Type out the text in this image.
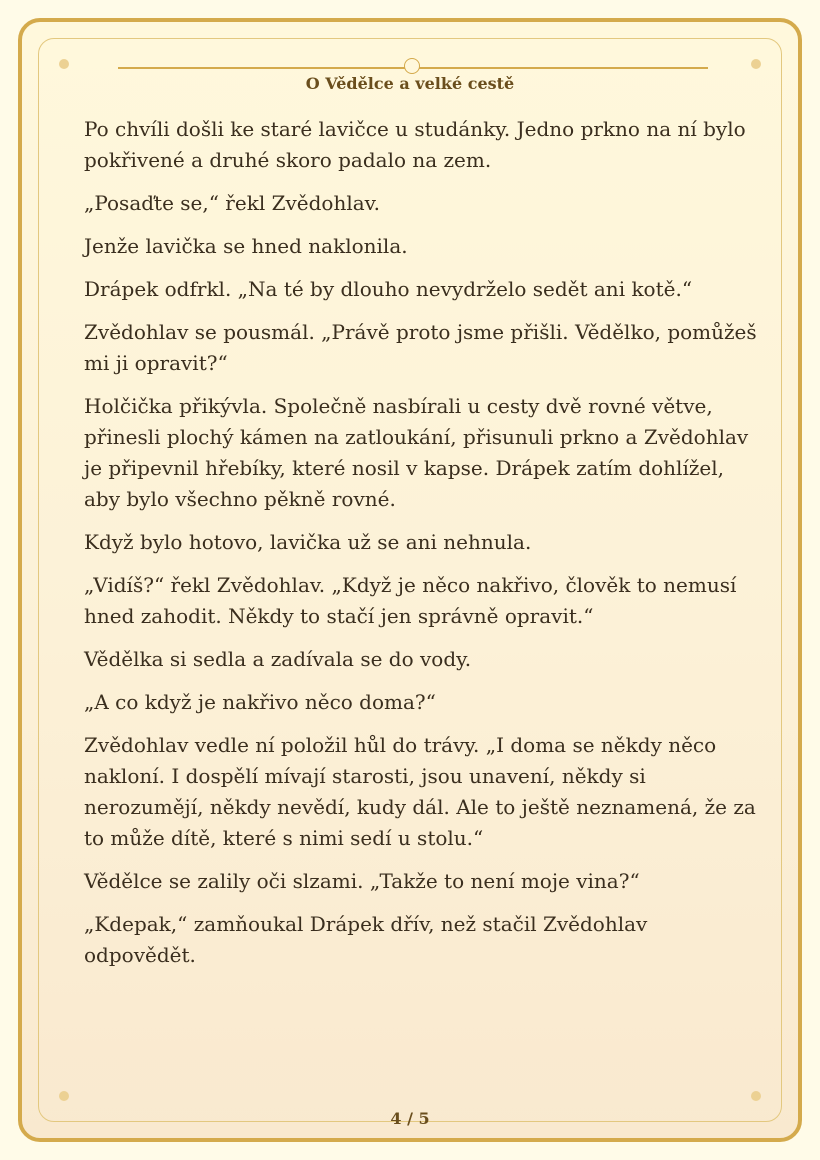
O Vědělce a velké cestě

Po chvíli došli ke staré lavičce u studánky. Jedno prkno na ní bylo pokřivené a druhé skoro padalo na zem.

„Posaďte se,“ řekl Zvědohlav.

Jenže lavička se hned naklonila.

Drápek odfrkl. „Na té by dlouho nevydrželo sedět ani kotě.“

Zvědohlav se pousmál. „Právě proto jsme přišli. Vědělko, pomůžeš mi ji opravit?“

Holčička přikývla. Společně nasbírali u cesty dvě rovné větve, přinesli plochý kámen na zatloukání, přisunuli prkno a Zvědohlav je připevnil hřebíky, které nosil v kapse. Drápek zatím dohlížel, aby bylo všechno pěkně rovné.

Když bylo hotovo, lavička už se ani nehnula.

„Vidíš?“ řekl Zvědohlav. „Když je něco nakřivo, člověk to nemusí hned zahodit. Někdy to stačí jen správně opravit.“

Vědělka si sedla a zadívala se do vody.

„A co když je nakřivo něco doma?“

Zvědohlav vedle ní položil hůl do trávy. „I doma se někdy něco nakloní. I dospělí mívají starosti, jsou unavení, někdy si nerozumějí, někdy nevědí, kudy dál. Ale to ještě neznamená, že za to může dítě, které s nimi sedí u stolu.“

Vědělce se zalily oči slzami. „Takže to není moje vina?“

„Kdepak,“ zamňoukal Drápek dřív, než stačil Zvědohlav odpovědět.

4 / 5
